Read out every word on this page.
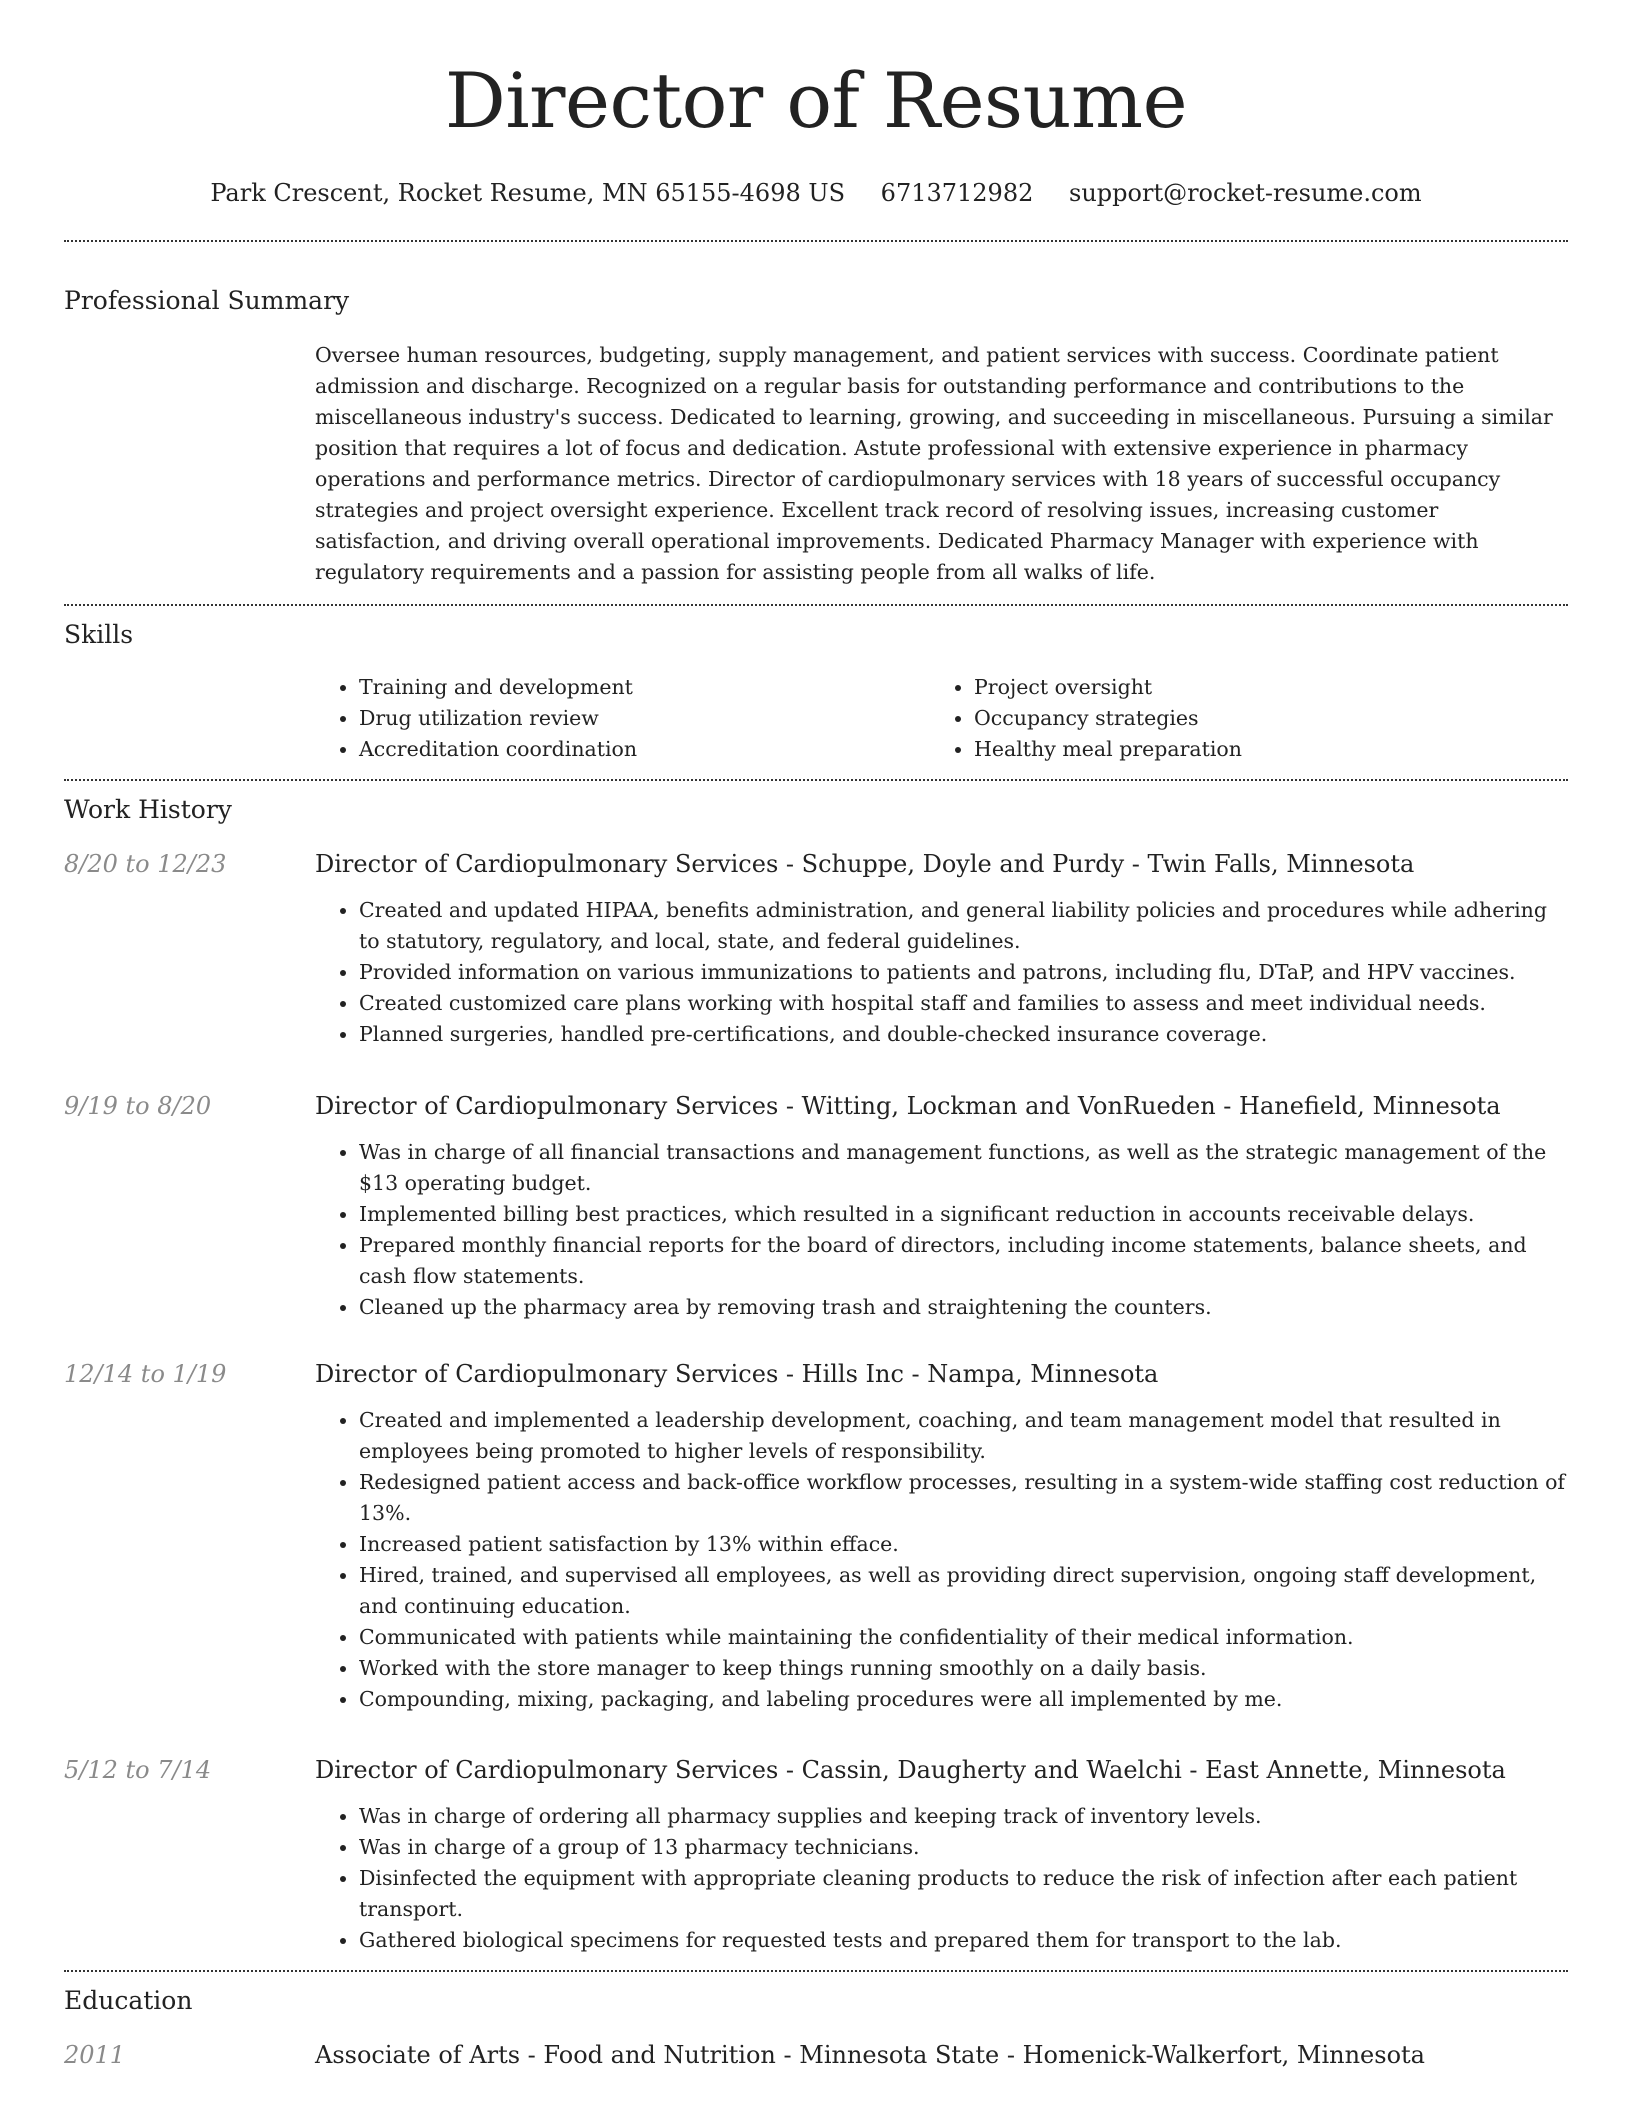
Director of Resume
Park Crescent, Rocket Resume, MN 65155-4698 US 6713712982 support@rocket-resume.com
Professional Summary
Oversee human resources, budgeting, supply management, and patient services with success. Coordinate patient admission and discharge. Recognized on a regular basis for outstanding performance and contributions to the miscellaneous industry's success. Dedicated to learning, growing, and succeeding in miscellaneous. Pursuing a similar position that requires a lot of focus and dedication. Astute professional with extensive experience in pharmacy operations and performance metrics. Director of cardiopulmonary services with 18 years of successful occupancy strategies and project oversight experience. Excellent track record of resolving issues, increasing customer satisfaction, and driving overall operational improvements. Dedicated Pharmacy Manager with experience with regulatory requirements and a passion for assisting people from all walks of life.
Skills
• Training and development
• Drug utilization review
• Accreditation coordination
• Project oversight
• Occupancy strategies
• Healthy meal preparation
Work History
8/20 to 12/23	Director of Cardiopulmonary Services - Schuppe, Doyle and Purdy - Twin Falls, Minnesota
• Created and updated HIPAA, benefits administration, and general liability policies and procedures while adhering to statutory, regulatory, and local, state, and federal guidelines.
• Provided information on various immunizations to patients and patrons, including flu, DTaP, and HPV vaccines.
• Created customized care plans working with hospital staff and families to assess and meet individual needs.
• Planned surgeries, handled pre-certifications, and double-checked insurance coverage.
9/19 to 8/20	Director of Cardiopulmonary Services - Witting, Lockman and VonRueden - Hanefield, Minnesota
• Was in charge of all financial transactions and management functions, as well as the strategic management of the $13 operating budget.
• Implemented billing best practices, which resulted in a significant reduction in accounts receivable delays.
• Prepared monthly financial reports for the board of directors, including income statements, balance sheets, and cash flow statements.
• Cleaned up the pharmacy area by removing trash and straightening the counters.
12/14 to 1/19	Director of Cardiopulmonary Services - Hills Inc - Nampa, Minnesota
• Created and implemented a leadership development, coaching, and team management model that resulted in employees being promoted to higher levels of responsibility.
• Redesigned patient access and back-office workflow processes, resulting in a system-wide staffing cost reduction of 13%.
• Increased patient satisfaction by 13% within efface.
• Hired, trained, and supervised all employees, as well as providing direct supervision, ongoing staff development, and continuing education.
• Communicated with patients while maintaining the confidentiality of their medical information.
• Worked with the store manager to keep things running smoothly on a daily basis.
• Compounding, mixing, packaging, and labeling procedures were all implemented by me.
5/12 to 7/14	Director of Cardiopulmonary Services - Cassin, Daugherty and Waelchi - East Annette, Minnesota
• Was in charge of ordering all pharmacy supplies and keeping track of inventory levels.
• Was in charge of a group of 13 pharmacy technicians.
• Disinfected the equipment with appropriate cleaning products to reduce the risk of infection after each patient transport.
• Gathered biological specimens for requested tests and prepared them for transport to the lab.
Education
2011	Associate of Arts - Food and Nutrition - Minnesota State - Homenick-Walkerfort, Minnesota
